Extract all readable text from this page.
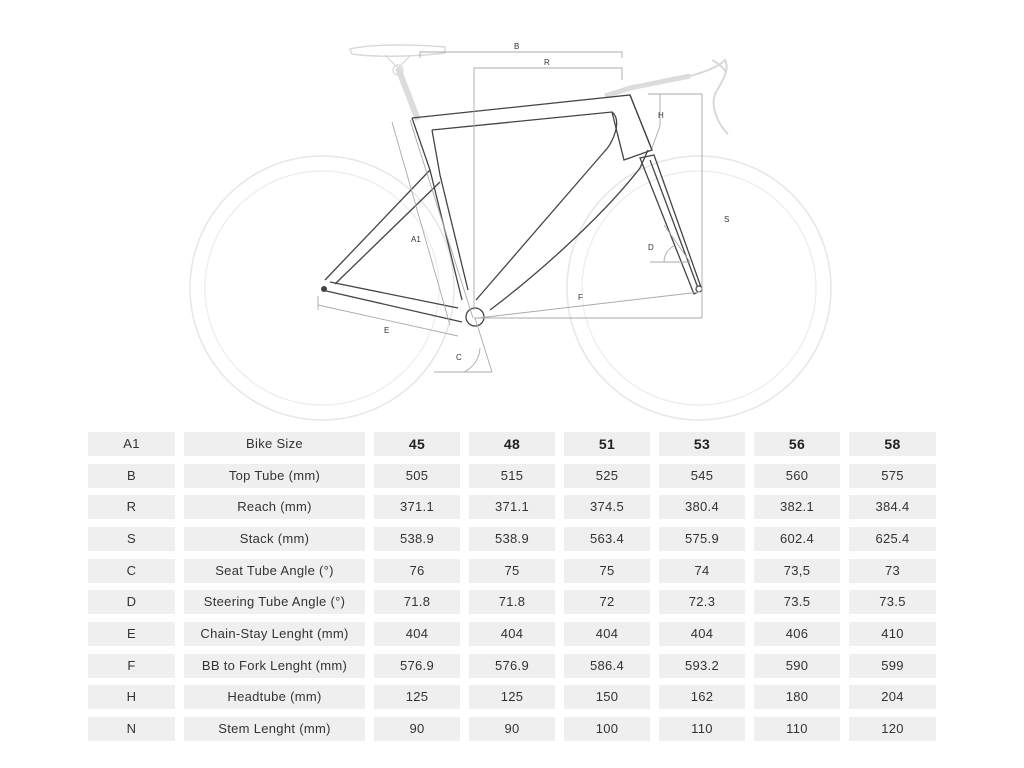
B
R
H
S
D
A1
F
E
C
A1	Bike Size	45	48	51	53	56	58
B	Top Tube (mm)	505	515	525	545	560	575
R	Reach (mm)	371.1	371.1	374.5	380.4	382.1	384.4
S	Stack (mm)	538.9	538.9	563.4	575.9	602.4	625.4
C	Seat Tube Angle (°)	76	75	75	74	73,5	73
D	Steering Tube Angle (°)	71.8	71.8	72	72.3	73.5	73.5
E	Chain-Stay Lenght (mm)	404	404	404	404	406	410
F	BB to Fork Lenght (mm)	576.9	576.9	586.4	593.2	590	599
H	Headtube (mm)	125	125	150	162	180	204
N	Stem Lenght (mm)	90	90	100	110	110	120
